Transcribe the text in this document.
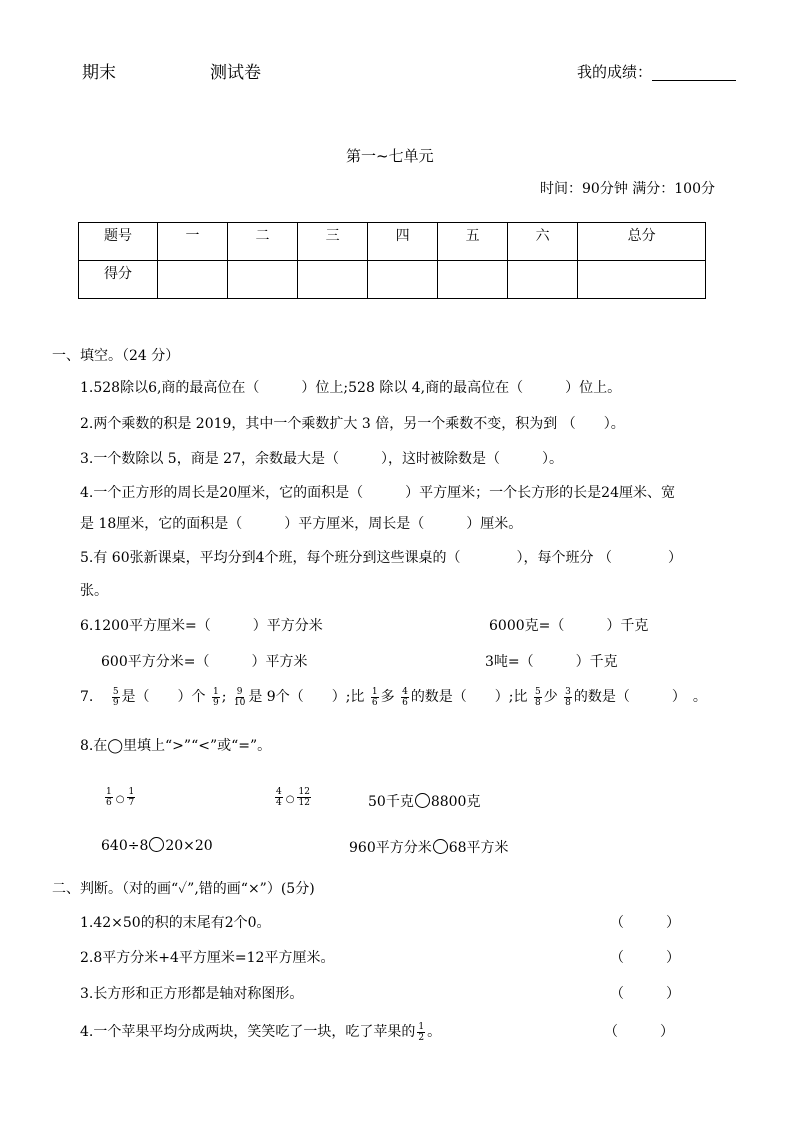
期末	测试卷	我的成绩：
第一~七单元
时间：90分钟 满分：100分
题号	一	二	三	四	五	六	总分
得分							
一、填空。（24 分）
1.528除以6,商的最高位在（　　　）位上;528 除以 4,商的最高位在（　　　）位上。
2.两个乘数的积是 2019，其中一个乘数扩大 3 倍，另一个乘数不变，积为到 （　　）。
3.一个数除以 5，商是 27，余数最大是（　　　），这时被除数是（　　　）。
4.一个正方形的周长是20厘米，它的面积是（　　　）平方厘米；一个长方形的长是24厘米、宽
是 18厘米，它的面积是（　　　）平方厘米，周长是（　　　）厘米。
5.有 60张新课桌，平均分到4个班，每个班分到这些课桌的（　　　　），每个班分 （　　　　）
张。
6.1200平方厘米=（　　　）平方分米	6000克=（　　　）千克
600平方分米=（　　　）平方米	3吨=（　　　）千克
7. $\frac{5}{9}$ 是（　　）个 $\frac{1}{9}$ ; $\frac{9}{10}$ 是 9个（　　）;比 $\frac{1}{6}$ 多 $\frac{4}{6}$ 的数是（　　）;比 $\frac{5}{8}$ 少 $\frac{3}{8}$ 的数是（　　　）　。
8.在◯里填上“>”“<”或“=”。
$\frac{1}{6}$ ○ $\frac{1}{7}$	$\frac{4}{4}$ ○ $\frac{12}{12}$	50千克 8800克
640÷8 20×20	960平方分米 68平方米
二、判断。（对的画“✓”,错的画“×”）(5分)
1.42×50的积的末尾有2个0。	（　　　）
2.8平方分米+4平方厘米=12平方厘米。	（　　　）
3.长方形和正方形都是轴对称图形。	（　　　）
4.一个苹果平均分成两块，笑笑吃了一块，吃了苹果的 $\frac{1}{2}$ 。	（　　　）
